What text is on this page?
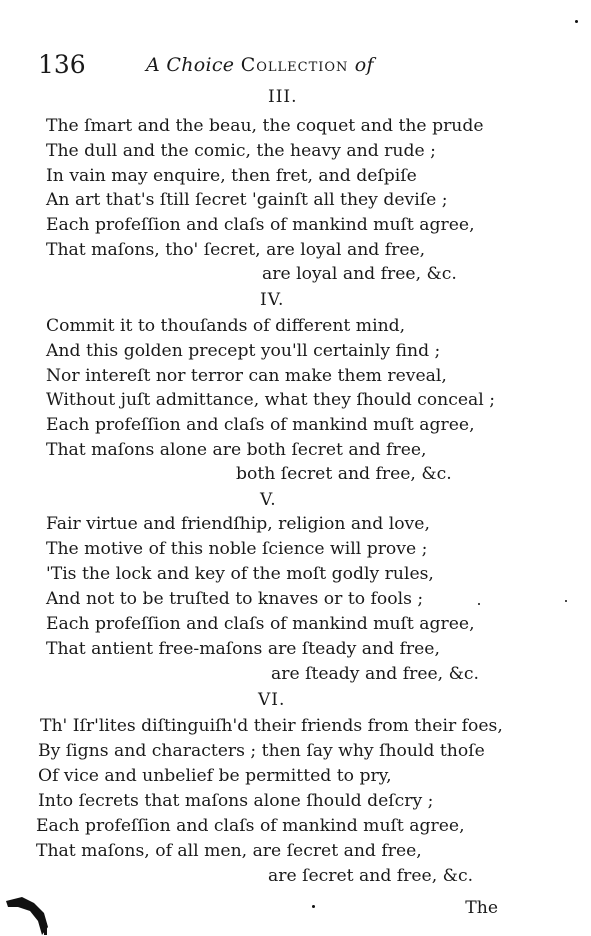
136	A Choice Collection of
III.
The ſmart and the beau, the coquet and the prude
The dull and the comic, the heavy and rude ;
In vain may enquire, then fret, and deſpiſe
An art that's ſtill ſecret 'gainſt all they deviſe ;
Each profeſſion and claſs of mankind muſt agree,
That maſons, tho' ſecret, are loyal and free,
are loyal and free, &c.
IV.
Commit it to thouſands of different mind,
And this golden precept you'll certainly find ;
Nor intereſt nor terror can make them reveal,
Without juſt admittance, what they ſhould conceal ;
Each profeſſion and claſs of mankind muſt agree,
That maſons alone are both ſecret and free,
both ſecret and free, &c.
V.
Fair virtue and friendſhip, religion and love,
The motive of this noble ſcience will prove ;
'Tis the lock and key of the moſt godly rules,
And not to be truſted to knaves or to fools ;
Each profeſſion and claſs of mankind muſt agree,
That antient free-maſons are ſteady and free,
are ſteady and free, &c.
VI.
Th' Iſr'lites diſtinguiſh'd their friends from their foes,
By ſigns and characters ; then ſay why ſhould thoſe
Of vice and unbelief be permitted to pry,
Into ſecrets that maſons alone ſhould deſcry ;
Each profeſſion and claſs of mankind muſt agree,
That maſons, of all men, are ſecret and free,
are ſecret and free, &c.
The
